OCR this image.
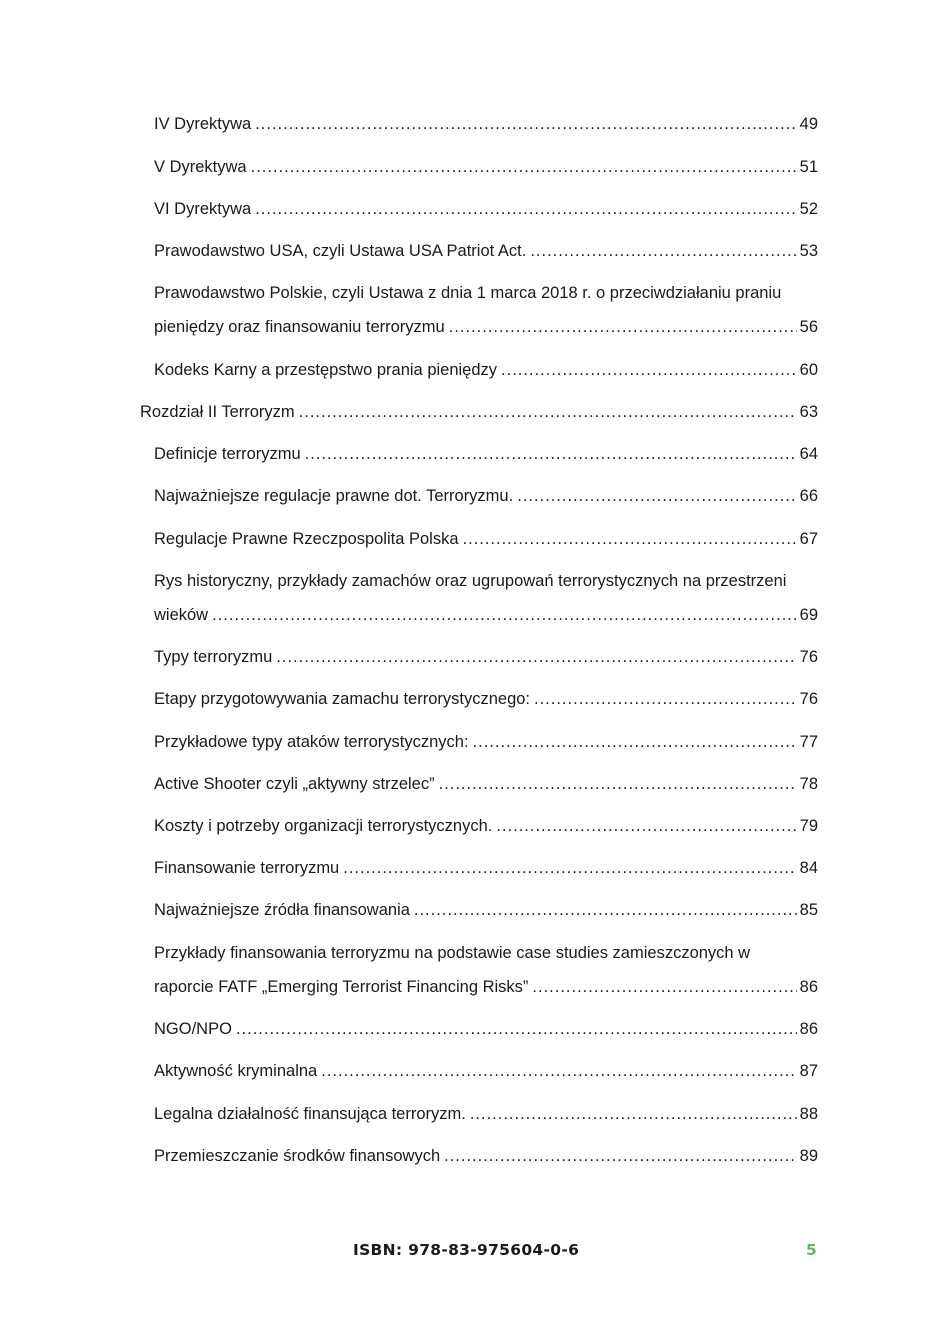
IV Dyrektywa .....	49
V Dyrektywa .....	51
VI Dyrektywa .....	52
Prawodawstwo USA, czyli Ustawa USA Patriot Act. .....	53
Prawodawstwo Polskie, czyli Ustawa z dnia 1 marca 2018 r. o przeciwdziałaniu praniu
pieniędzy oraz finansowaniu terroryzmu .....	56
Kodeks Karny a przestępstwo prania pieniędzy .....	60
Rozdział II Terroryzm .....	63
Definicje terroryzmu .....	64
Najważniejsze regulacje prawne dot. Terroryzmu. .....	66
Regulacje Prawne Rzeczpospolita Polska .....	67
Rys historyczny, przykłady zamachów oraz ugrupowań terrorystycznych na przestrzeni
wieków .....	69
Typy terroryzmu .....	76
Etapy przygotowywania zamachu terrorystycznego: .....	76
Przykładowe typy ataków terrorystycznych: .....	77
Active Shooter czyli „aktywny strzelec” .....	78
Koszty i potrzeby organizacji terrorystycznych. .....	79
Finansowanie terroryzmu .....	84
Najważniejsze źródła finansowania .....	85
Przykłady finansowania terroryzmu na podstawie case studies zamieszczonych w
raporcie FATF „Emerging Terrorist Financing Risks” .....	86
NGO/NPO .....	86
Aktywność kryminalna .....	87
Legalna działalność finansująca terroryzm. .....	88
Przemieszczanie środków finansowych .....	89
ISBN: 978-83-975604-0-6	5
